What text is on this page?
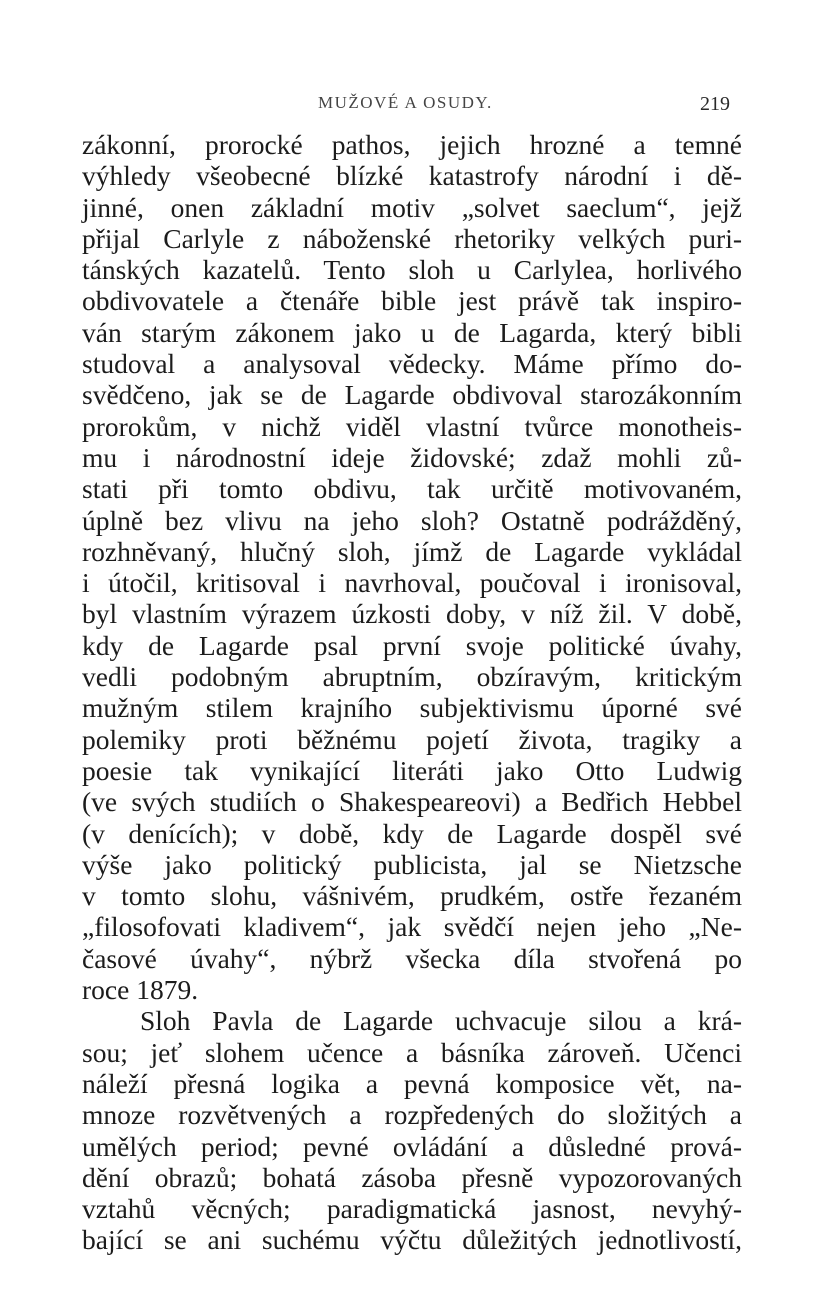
MUŽOVÉ A OSUDY.	219
zákonní, prorocké pathos, jejich hrozné a temné
výhledy všeobecné blízké katastrofy národní i dě-
jinné, onen základní motiv „solvet saeclum“, jejž
přijal Carlyle z náboženské rhetoriky velkých puri-
tánských kazatelů. Tento sloh u Carlylea, horlivého
obdivovatele a čtenáře bible jest právě tak inspiro-
ván starým zákonem jako u de Lagarda, který bibli
studoval a analysoval vědecky. Máme přímo do-
svědčeno, jak se de Lagarde obdivoval starozákonním
prorokům, v nichž viděl vlastní tvůrce monotheis-
mu i národnostní ideje židovské; zdaž mohli zů-
stati při tomto obdivu, tak určitě motivovaném,
úplně bez vlivu na jeho sloh? Ostatně podrážděný,
rozhněvaný, hlučný sloh, jímž de Lagarde vykládal
i útočil, kritisoval i navrhoval, poučoval i ironisoval,
byl vlastním výrazem úzkosti doby, v níž žil. V době,
kdy de Lagarde psal první svoje politické úvahy,
vedli podobným abruptním, obzíravým, kritickým
mužným stilem krajního subjektivismu úporné své
polemiky proti běžnému pojetí života, tragiky a
poesie tak vynikající literáti jako Otto Ludwig
(ve svých studiích o Shakespeareovi) a Bedřich Hebbel
(v denících); v době, kdy de Lagarde dospěl své
výše jako politický publicista, jal se Nietzsche
v tomto slohu, vášnivém, prudkém, ostře řezaném
„filosofovati kladivem“, jak svědčí nejen jeho „Ne-
časové úvahy“, nýbrž všecka díla stvořená po
roce 1879.
Sloh Pavla de Lagarde uchvacuje silou a krá-
sou; jeť slohem učence a básníka zároveň. Učenci
náleží přesná logika a pevná komposice vět, na-
mnoze rozvětvených a rozpředených do složitých a
umělých period; pevné ovládání a důsledné prová-
dění obrazů; bohatá zásoba přesně vypozorovaných
vztahů věcných; paradigmatická jasnost, nevyhý-
bající se ani suchému výčtu důležitých jednotlivostí,
